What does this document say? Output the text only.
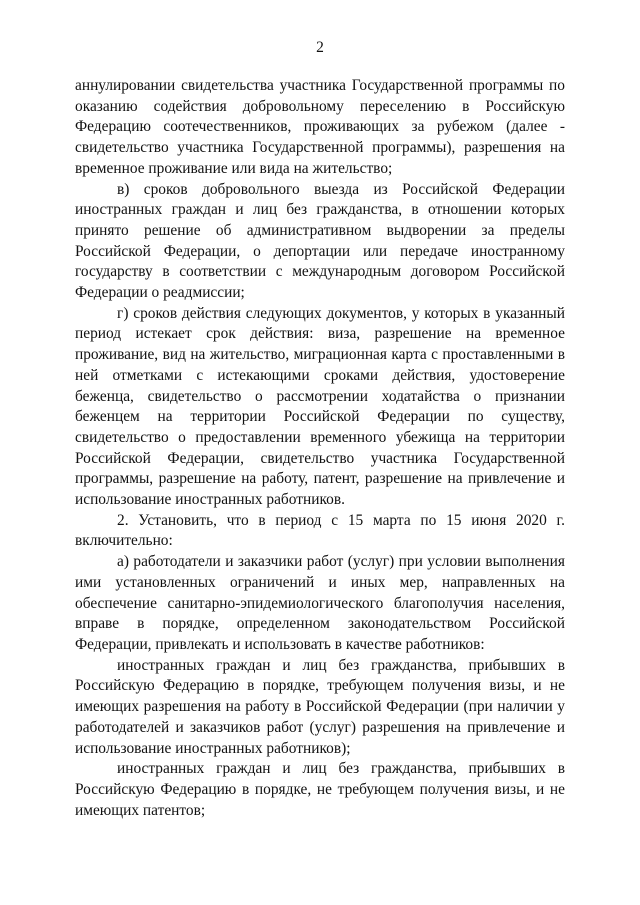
2

аннулировании свидетельства участника Государственной программы по оказанию содействия добровольному переселению в Российскую Федерацию соотечественников, проживающих за рубежом (далее - свидетельство участника Государственной программы), разрешения на временное проживание или вида на жительство;

в) сроков добровольного выезда из Российской Федерации иностранных граждан и лиц без гражданства, в отношении которых принято решение об административном выдворении за пределы Российской Федерации, о депортации или передаче иностранному государству в соответствии с международным договором Российской Федерации о реадмиссии;

г) сроков действия следующих документов, у которых в указанный период истекает срок действия: виза, разрешение на временное проживание, вид на жительство, миграционная карта с проставленными в ней отметками с истекающими сроками действия, удостоверение беженца, свидетельство о рассмотрении ходатайства о признании беженцем на территории Российской Федерации по существу, свидетельство о предоставлении временного убежища на территории Российской Федерации, свидетельство участника Государственной программы, разрешение на работу, патент, разрешение на привлечение и использование иностранных работников.

2. Установить, что в период с 15 марта по 15 июня 2020 г. включительно:

а) работодатели и заказчики работ (услуг) при условии выполнения ими установленных ограничений и иных мер, направленных на обеспечение санитарно-эпидемиологического благополучия населения, вправе в порядке, определенном законодательством Российской Федерации, привлекать и использовать в качестве работников:

иностранных граждан и лиц без гражданства, прибывших в Российскую Федерацию в порядке, требующем получения визы, и не имеющих разрешения на работу в Российской Федерации (при наличии у работодателей и заказчиков работ (услуг) разрешения на привлечение и использование иностранных работников);

иностранных граждан и лиц без гражданства, прибывших в Российскую Федерацию в порядке, не требующем получения визы, и не имеющих патентов;
